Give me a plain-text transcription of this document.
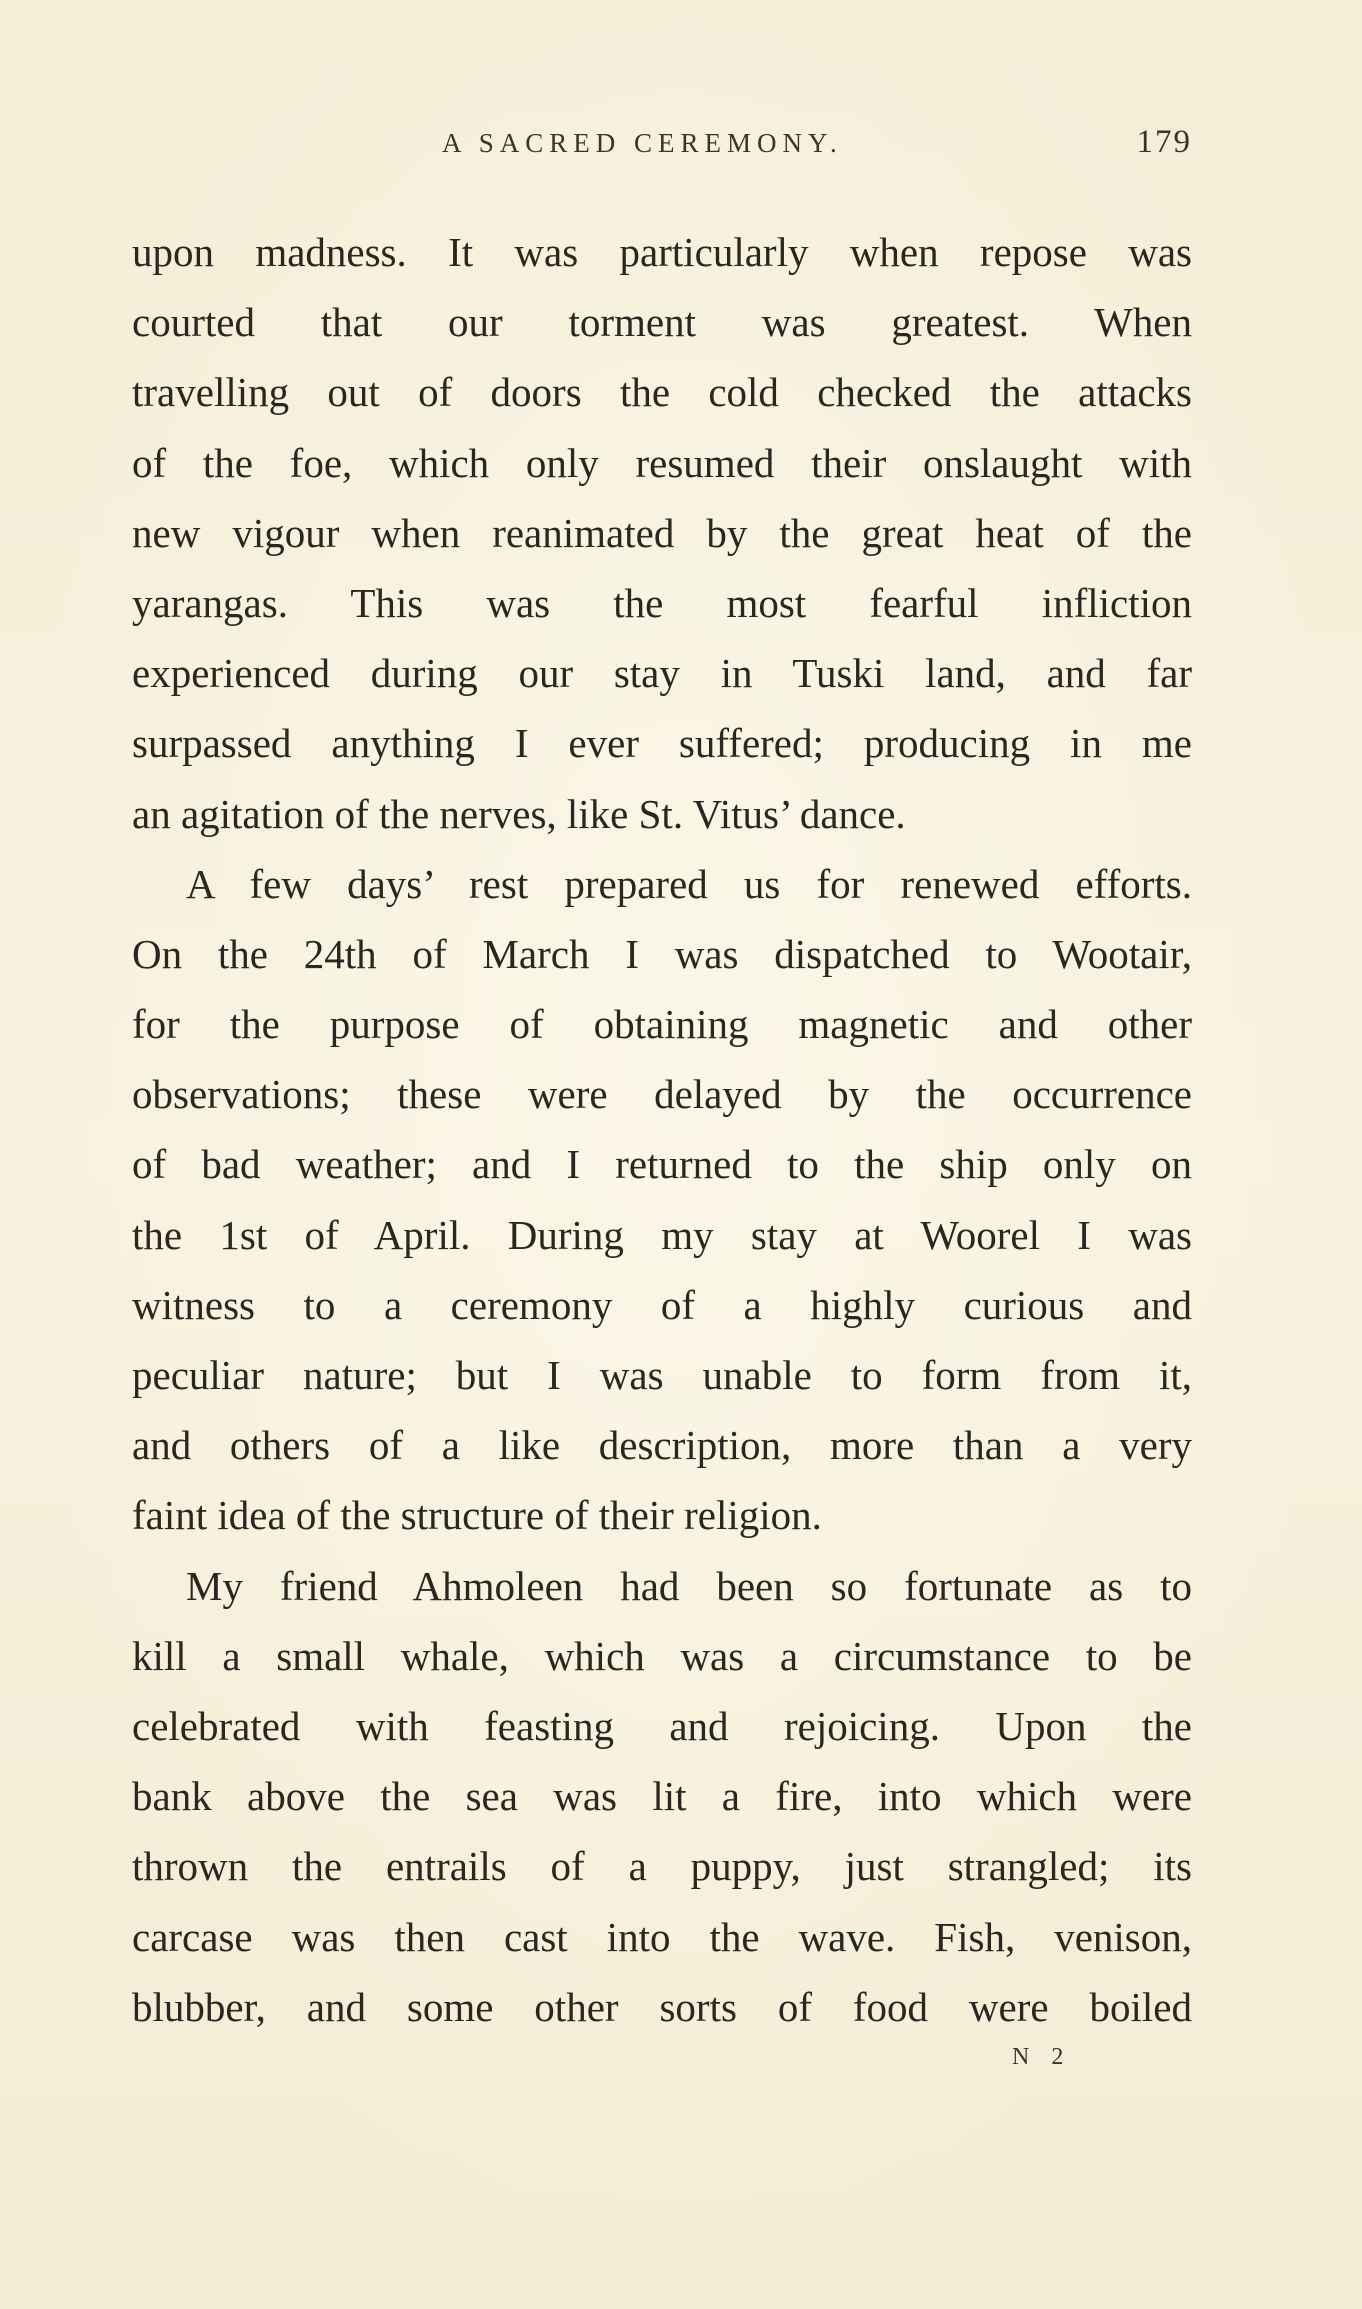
A SACRED CEREMONY.	179
upon madness. It was particularly when repose was
courted that our torment was greatest. When
travelling out of doors the cold checked the attacks
of the foe, which only resumed their onslaught with
new vigour when reanimated by the great heat of the
yarangas. This was the most fearful infliction
experienced during our stay in Tuski land, and far
surpassed anything I ever suffered; producing in me
an agitation of the nerves, like St. Vitus’ dance.
A few days’ rest prepared us for renewed efforts.
On the 24th of March I was dispatched to Wootair,
for the purpose of obtaining magnetic and other
observations; these were delayed by the occurrence
of bad weather; and I returned to the ship only on
the 1st of April. During my stay at Woorel I was
witness to a ceremony of a highly curious and
peculiar nature; but I was unable to form from it,
and others of a like description, more than a very
faint idea of the structure of their religion.
My friend Ahmoleen had been so fortunate as to
kill a small whale, which was a circumstance to be
celebrated with feasting and rejoicing. Upon the
bank above the sea was lit a fire, into which were
thrown the entrails of a puppy, just strangled; its
carcase was then cast into the wave. Fish, venison,
blubber, and some other sorts of food were boiled
N 2
